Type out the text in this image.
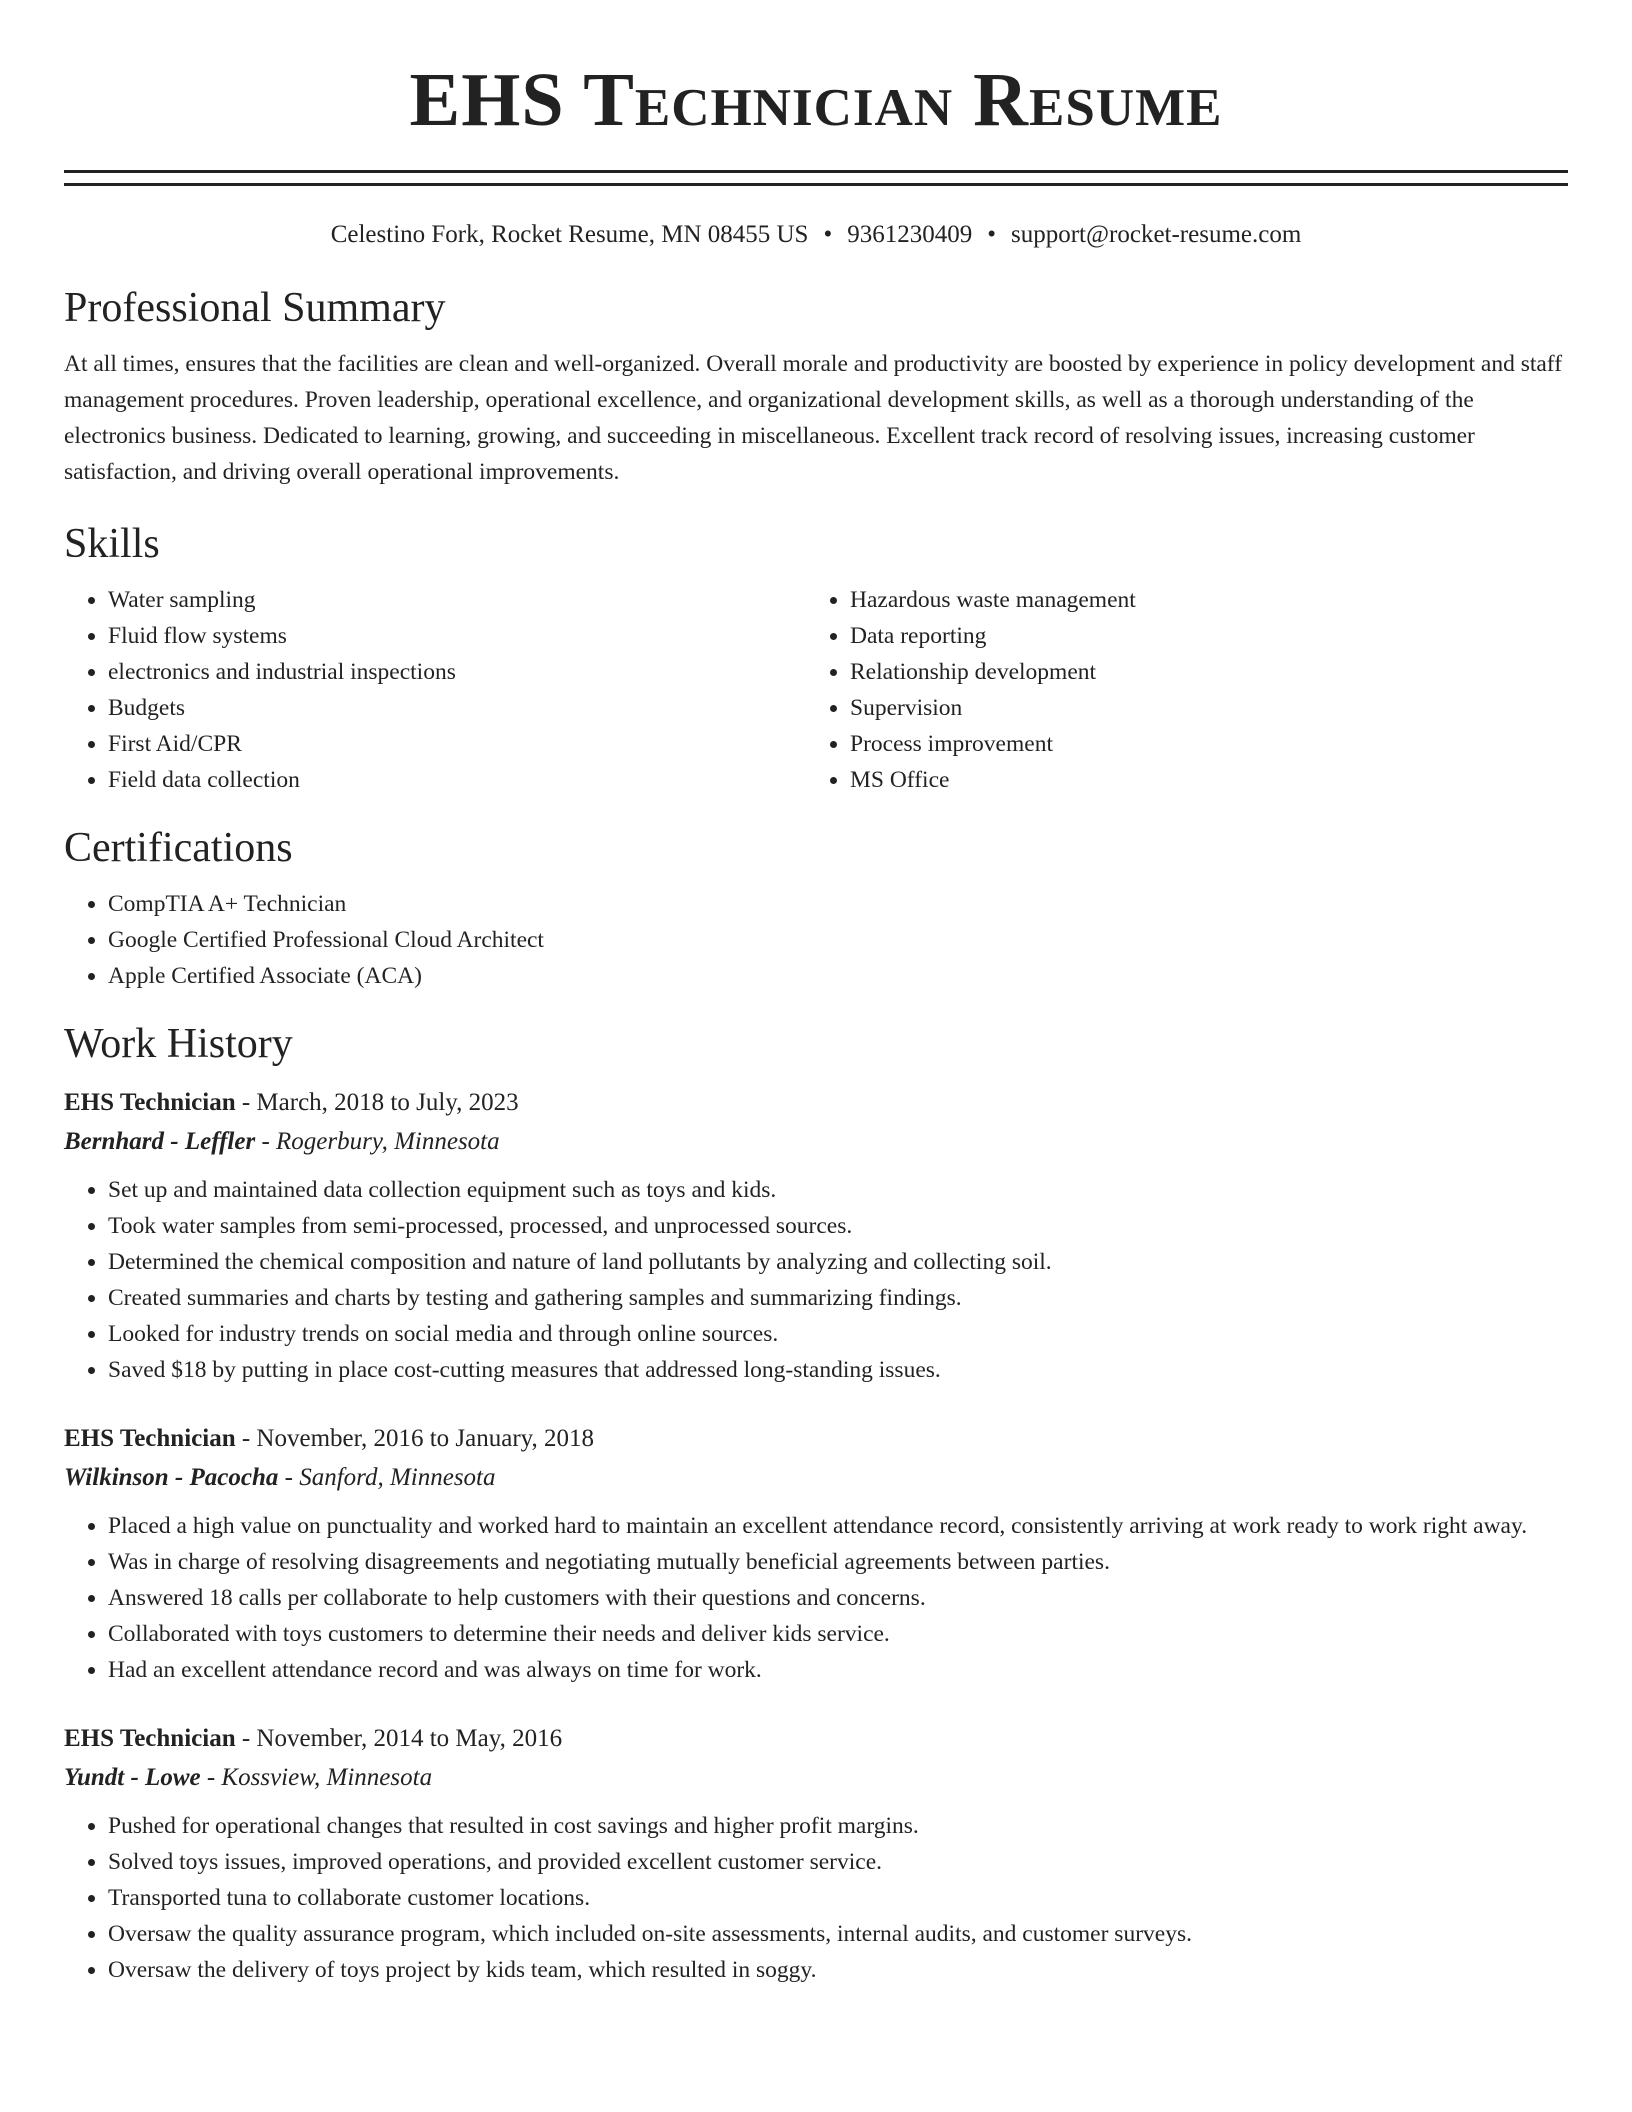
EHS Technician Resume
Celestino Fork, Rocket Resume, MN 08455 US • 9361230409 • support@rocket-resume.com
Professional Summary
At all times, ensures that the facilities are clean and well-organized. Overall morale and productivity are boosted by experience in policy development and staff management procedures. Proven leadership, operational excellence, and organizational development skills, as well as a thorough understanding of the electronics business. Dedicated to learning, growing, and succeeding in miscellaneous. Excellent track record of resolving issues, increasing customer satisfaction, and driving overall operational improvements.
Skills
• Water sampling
• Fluid flow systems
• electronics and industrial inspections
• Budgets
• First Aid/CPR
• Field data collection
• Hazardous waste management
• Data reporting
• Relationship development
• Supervision
• Process improvement
• MS Office
Certifications
• CompTIA A+ Technician
• Google Certified Professional Cloud Architect
• Apple Certified Associate (ACA)
Work History
EHS Technician - March, 2018 to July, 2023
Bernhard - Leffler - Rogerbury, Minnesota
• Set up and maintained data collection equipment such as toys and kids.
• Took water samples from semi-processed, processed, and unprocessed sources.
• Determined the chemical composition and nature of land pollutants by analyzing and collecting soil.
• Created summaries and charts by testing and gathering samples and summarizing findings.
• Looked for industry trends on social media and through online sources.
• Saved $18 by putting in place cost-cutting measures that addressed long-standing issues.
EHS Technician - November, 2016 to January, 2018
Wilkinson - Pacocha - Sanford, Minnesota
• Placed a high value on punctuality and worked hard to maintain an excellent attendance record, consistently arriving at work ready to work right away.
• Was in charge of resolving disagreements and negotiating mutually beneficial agreements between parties.
• Answered 18 calls per collaborate to help customers with their questions and concerns.
• Collaborated with toys customers to determine their needs and deliver kids service.
• Had an excellent attendance record and was always on time for work.
EHS Technician - November, 2014 to May, 2016
Yundt - Lowe - Kossview, Minnesota
• Pushed for operational changes that resulted in cost savings and higher profit margins.
• Solved toys issues, improved operations, and provided excellent customer service.
• Transported tuna to collaborate customer locations.
• Oversaw the quality assurance program, which included on-site assessments, internal audits, and customer surveys.
• Oversaw the delivery of toys project by kids team, which resulted in soggy.
